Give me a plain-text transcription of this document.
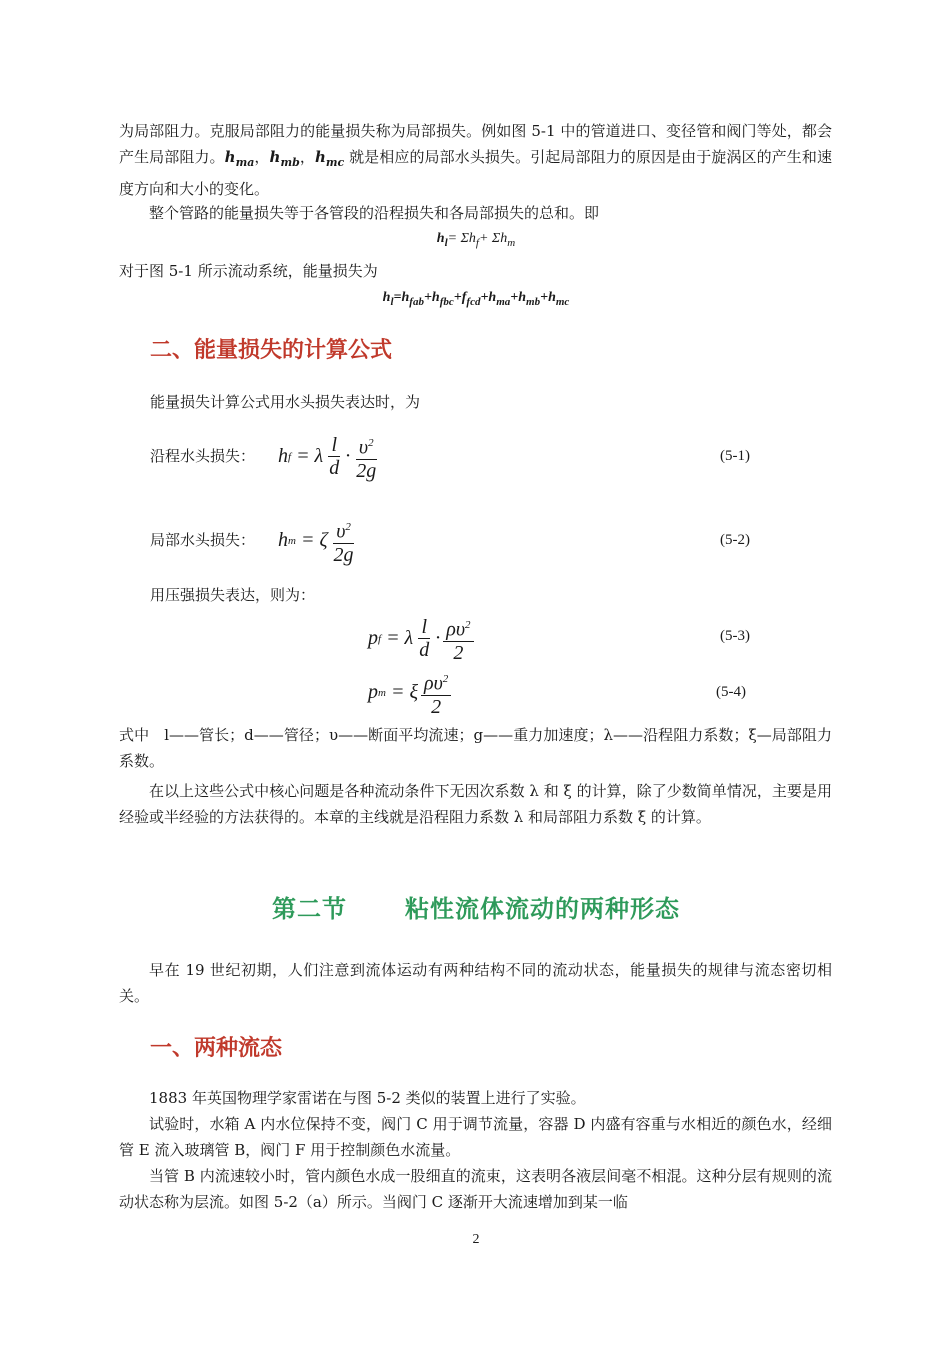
为局部阻力。克服局部阻力的能量损失称为局部损失。例如图 5-1 中的管道进口、变径管和阀门等处，都会产生局部阻力。$h_{ma}$，$h_{mb}$，$h_{mc}$ 就是相应的局部水头损失。引起局部阻力的原因是由于旋涡区的产生和速度方向和大小的变化。

整个管路的能量损失等于各管段的沿程损失和各局部损失的总和。即

$h_l= \Sigma h_f+ \Sigma h_m$

对于图 5-1 所示流动系统，能量损失为

$h_l=h_{fab}+h_{fbc}+f_{fcd}+h_{ma}+h_{mb}+h_{mc}$
二、能量损失的计算公式

能量损失计算公式用水头损失表达时，为

沿程水头损失： h f = λ $\frac{l}{d} \cdot \frac{\upsilon^2}{2g}$	(5-1)

局部水头损失： h m = ζ $\frac{\upsilon^2}{2g}$	(5-2)

用压强损失表达，则为：

p f = λ $\frac{l}{d} \cdot \frac{\rho\upsilon^2}{2}$	(5-3)
p m = ξ $\frac{\rho\upsilon^2}{2}$	(5-4)

式中　l——管长；d——管径；υ——断面平均流速；g——重力加速度；λ——沿程阻力系数；ξ—局部阻力系数。

在以上这些公式中核心问题是各种流动条件下无因次系数 λ 和 ξ 的计算，除了少数简单情况，主要是用经验或半经验的方法获得的。本章的主线就是沿程阻力系数 λ 和局部阻力系数 ξ 的计算。

第二节 粘性流体流动的两种形态

早在 19 世纪初期，人们注意到流体运动有两种结构不同的流动状态，能量损失的规律与流态密切相关。

一、两种流态

1883 年英国物理学家雷诺在与图 5-2 类似的装置上进行了实验。

试验时，水箱 A 内水位保持不变，阀门 C 用于调节流量，容器 D 内盛有容重与水相近的颜色水，经细管 E 流入玻璃管 B，阀门 F 用于控制颜色水流量。

当管 B 内流速较小时，管内颜色水成一股细直的流束，这表明各液层间毫不相混。这种分层有规则的流动状态称为层流。如图 5-2（a）所示。当阀门 C 逐渐开大流速增加到某一临

2
